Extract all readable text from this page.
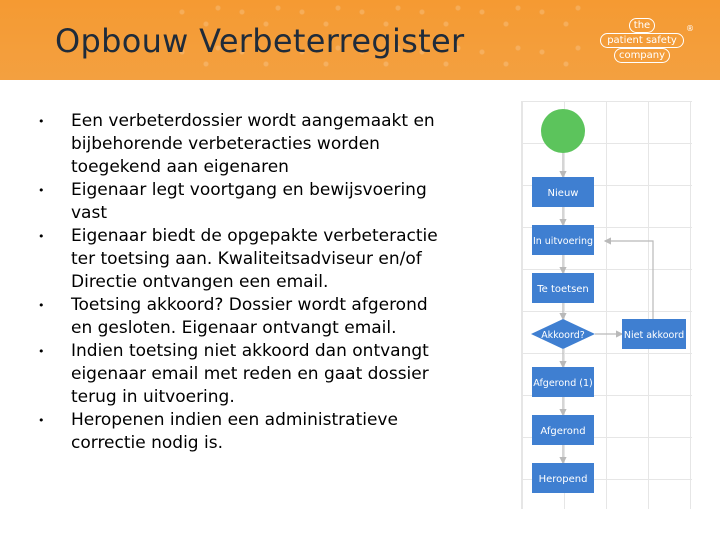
Opbouw Verbeterregister	the
patient safety
company
®
• Een verbeterdossier wordt aangemaakt en bijbehorende verbeteracties worden toegekend aan eigenaren
• Eigenaar legt voortgang en bewijsvoering vast
• Eigenaar biedt de opgepakte verbeteractie ter toetsing aan. Kwaliteitsadviseur en/of Directie ontvangen een email.
• Toetsing akkoord? Dossier wordt afgerond en gesloten. Eigenaar ontvangt email.
• Indien toetsing niet akkoord dan ontvangt eigenaar email met reden en gaat dossier terug in uitvoering.
• Heropenen indien een administratieve correctie nodig is.
Nieuw
In uitvoering
Te toetsen
Akkoord?	Niet akkoord
Afgerond (1)
Afgerond
Heropend
